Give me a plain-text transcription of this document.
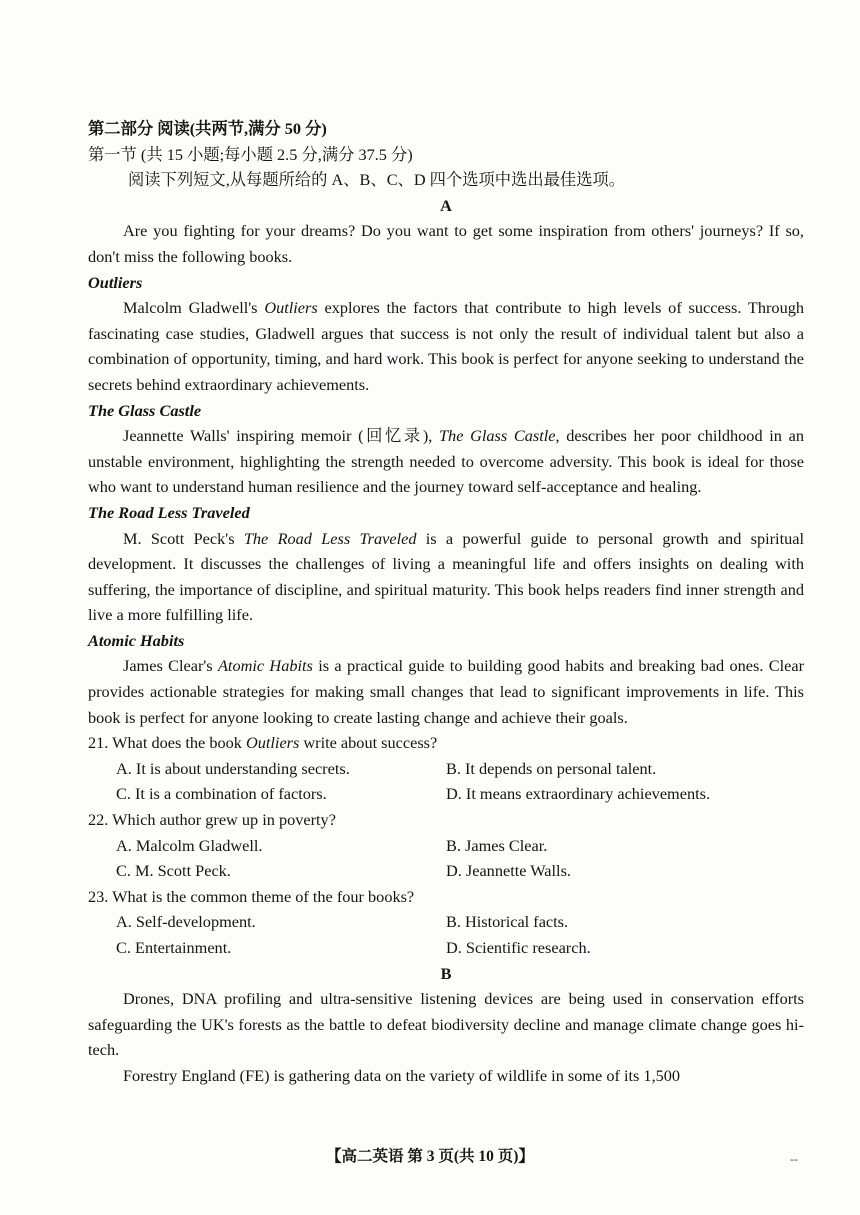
第二部分 阅读(共两节,满分 50 分)

第一节 (共 15 小题;每小题 2.5 分,满分 37.5 分)

阅读下列短文,从每题所给的 A、B、C、D 四个选项中选出最佳选项。

A

Are you fighting for your dreams? Do you want to get some inspiration from others' journeys? If so, don't miss the following books.

Outliers

Malcolm Gladwell's Outliers explores the factors that contribute to high levels of success. Through fascinating case studies, Gladwell argues that success is not only the result of individual talent but also a combination of opportunity, timing, and hard work. This book is perfect for anyone seeking to understand the secrets behind extraordinary achievements.

The Glass Castle

Jeannette Walls' inspiring memoir (回忆录), The Glass Castle, describes her poor childhood in an unstable environment, highlighting the strength needed to overcome adversity. This book is ideal for those who want to understand human resilience and the journey toward self-acceptance and healing.

The Road Less Traveled

M. Scott Peck's The Road Less Traveled is a powerful guide to personal growth and spiritual development. It discusses the challenges of living a meaningful life and offers insights on dealing with suffering, the importance of discipline, and spiritual maturity. This book helps readers find inner strength and live a more fulfilling life.

Atomic Habits

James Clear's Atomic Habits is a practical guide to building good habits and breaking bad ones. Clear provides actionable strategies for making small changes that lead to significant improvements in life. This book is perfect for anyone looking to create lasting change and achieve their goals.

21. What does the book Outliers write about success?

A. It is about understanding secrets.	B. It depends on personal talent.

C. It is a combination of factors.	D. It means extraordinary achievements.

22. Which author grew up in poverty?

A. Malcolm Gladwell.	B. James Clear.

C. M. Scott Peck.	D. Jeannette Walls.

23. What is the common theme of the four books?

A. Self-development.	B. Historical facts.

C. Entertainment.	D. Scientific research.

B

Drones, DNA profiling and ultra-sensitive listening devices are being used in conservation efforts safeguarding the UK's forests as the battle to defeat biodiversity decline and manage climate change goes hi-tech.

Forestry England (FE) is gathering data on the variety of wildlife in some of its 1,500

【高二英语 第 3 页(共 10 页)】	--
